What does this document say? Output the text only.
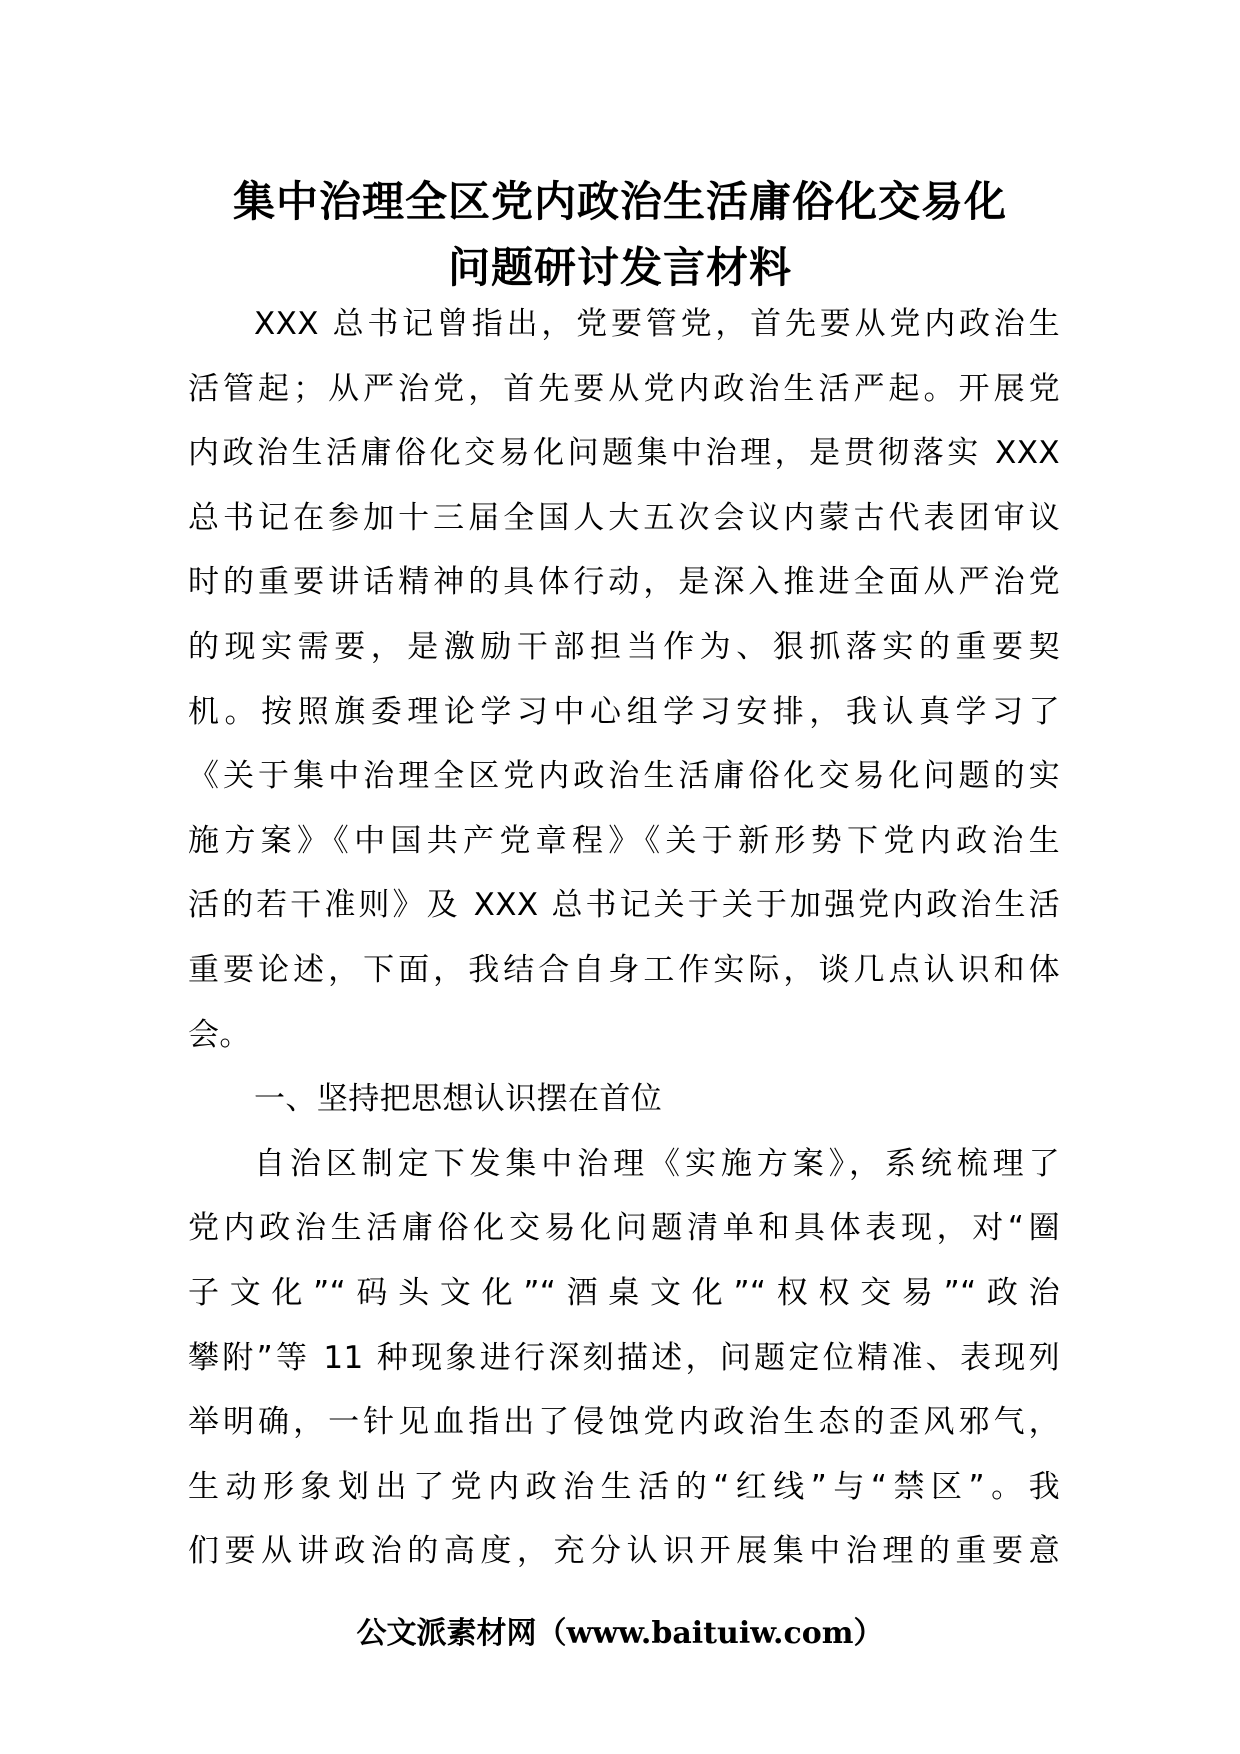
集中治理全区党内政治生活庸俗化交易化
问题研讨发言材料
XXX 总书记曾指出，党要管党，首先要从党内政治生
活管起；从严治党，首先要从党内政治生活严起。开展党
内政治生活庸俗化交易化问题集中治理，是贯彻落实 XXX
总书记在参加十三届全国人大五次会议内蒙古代表团审议
时的重要讲话精神的具体行动，是深入推进全面从严治党
的现实需要，是激励干部担当作为、狠抓落实的重要契
机。按照旗委理论学习中心组学习安排，我认真学习了
《关于集中治理全区党内政治生活庸俗化交易化问题的实
施方案》《中国共产党章程》《关于新形势下党内政治生
活的若干准则》及 XXX 总书记关于关于加强党内政治生活
重要论述，下面，我结合自身工作实际，谈几点认识和体
会。
一、坚持把思想认识摆在首位
自治区制定下发集中治理《实施方案》，系统梳理了
党内政治生活庸俗化交易化问题清单和具体表现，对“圈
子文化”“码头文化”“酒桌文化”“权权交易”“政治
攀附”等 11 种现象进行深刻描述，问题定位精准、表现列
举明确，一针见血指出了侵蚀党内政治生态的歪风邪气，
生动形象划出了党内政治生活的“红线”与“禁区”。我
们要从讲政治的高度，充分认识开展集中治理的重要意
公文派素材网（www.baituiw.com）
